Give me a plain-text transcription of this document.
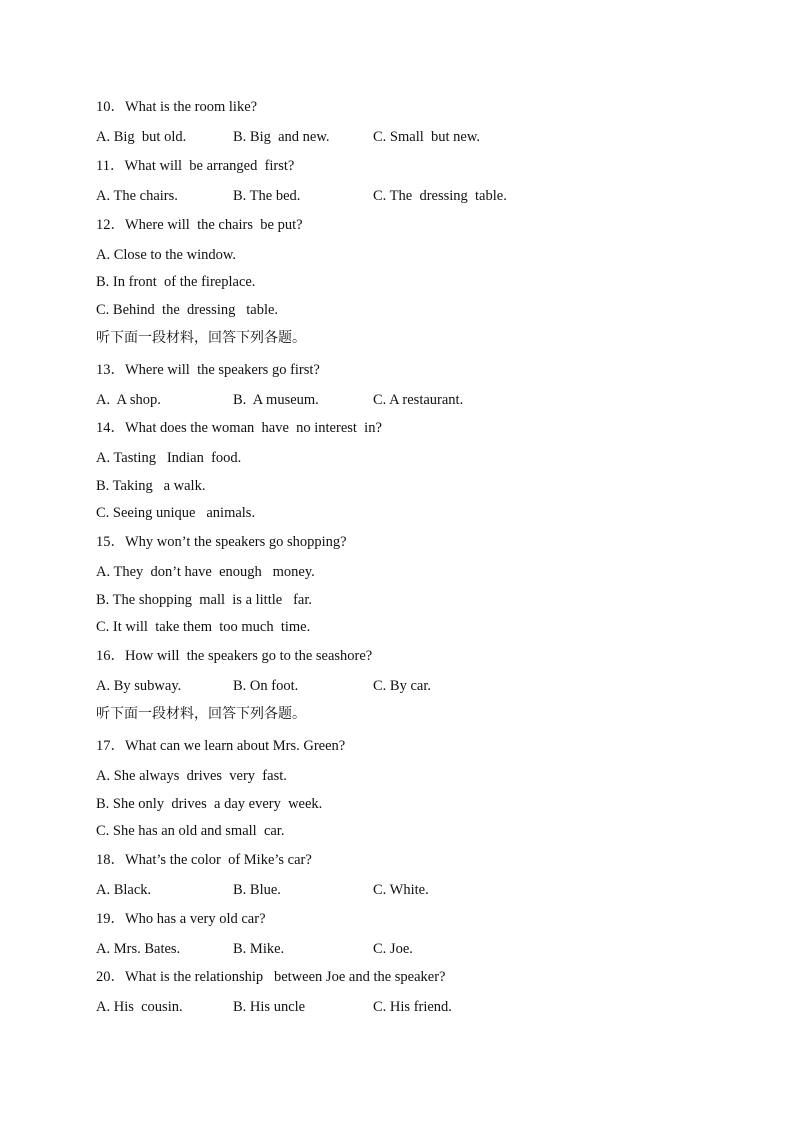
10．What is the room like?

A. Big  but old.

	B. Big  and new.

	C. Small  but new.

11．What will  be arranged  first?

A. The chairs.

	B. The bed.

	C. The  dressing  table.

12．Where will  the chairs  be put?
A. Close to the window.
B. In front  of the fireplace.
C. Behind  the  dressing   table.
听下面一段材料，回答下列各题。
13．Where will  the speakers go first?

A.  A shop.

	B.  A museum.

	C. A restaurant.

14．What does the woman  have  no interest  in?
A. Tasting   Indian  food.
B. Taking   a walk.
C. Seeing unique   animals.
15．Why won’t the speakers go shopping?
A. They  don’t have  enough   money.
B. The shopping  mall  is a little   far.
C. It will  take them  too much  time.
16．How will  the speakers go to the seashore?

A. By subway.

	B. On foot.

	C. By car.

听下面一段材料，回答下列各题。
17．What can we learn about Mrs. Green?
A. She always  drives  very  fast.
B. She only  drives  a day every  week.
C. She has an old and small  car.
18．What’s the color  of Mike’s car?

A. Black.

	B. Blue.

	C. White.

19．Who has a very old car?

A. Mrs. Bates.

	B. Mike.

	C. Joe.

20．What is the relationship   between Joe and the speaker?

A. His  cousin.

	B. His uncle

	C. His friend.
